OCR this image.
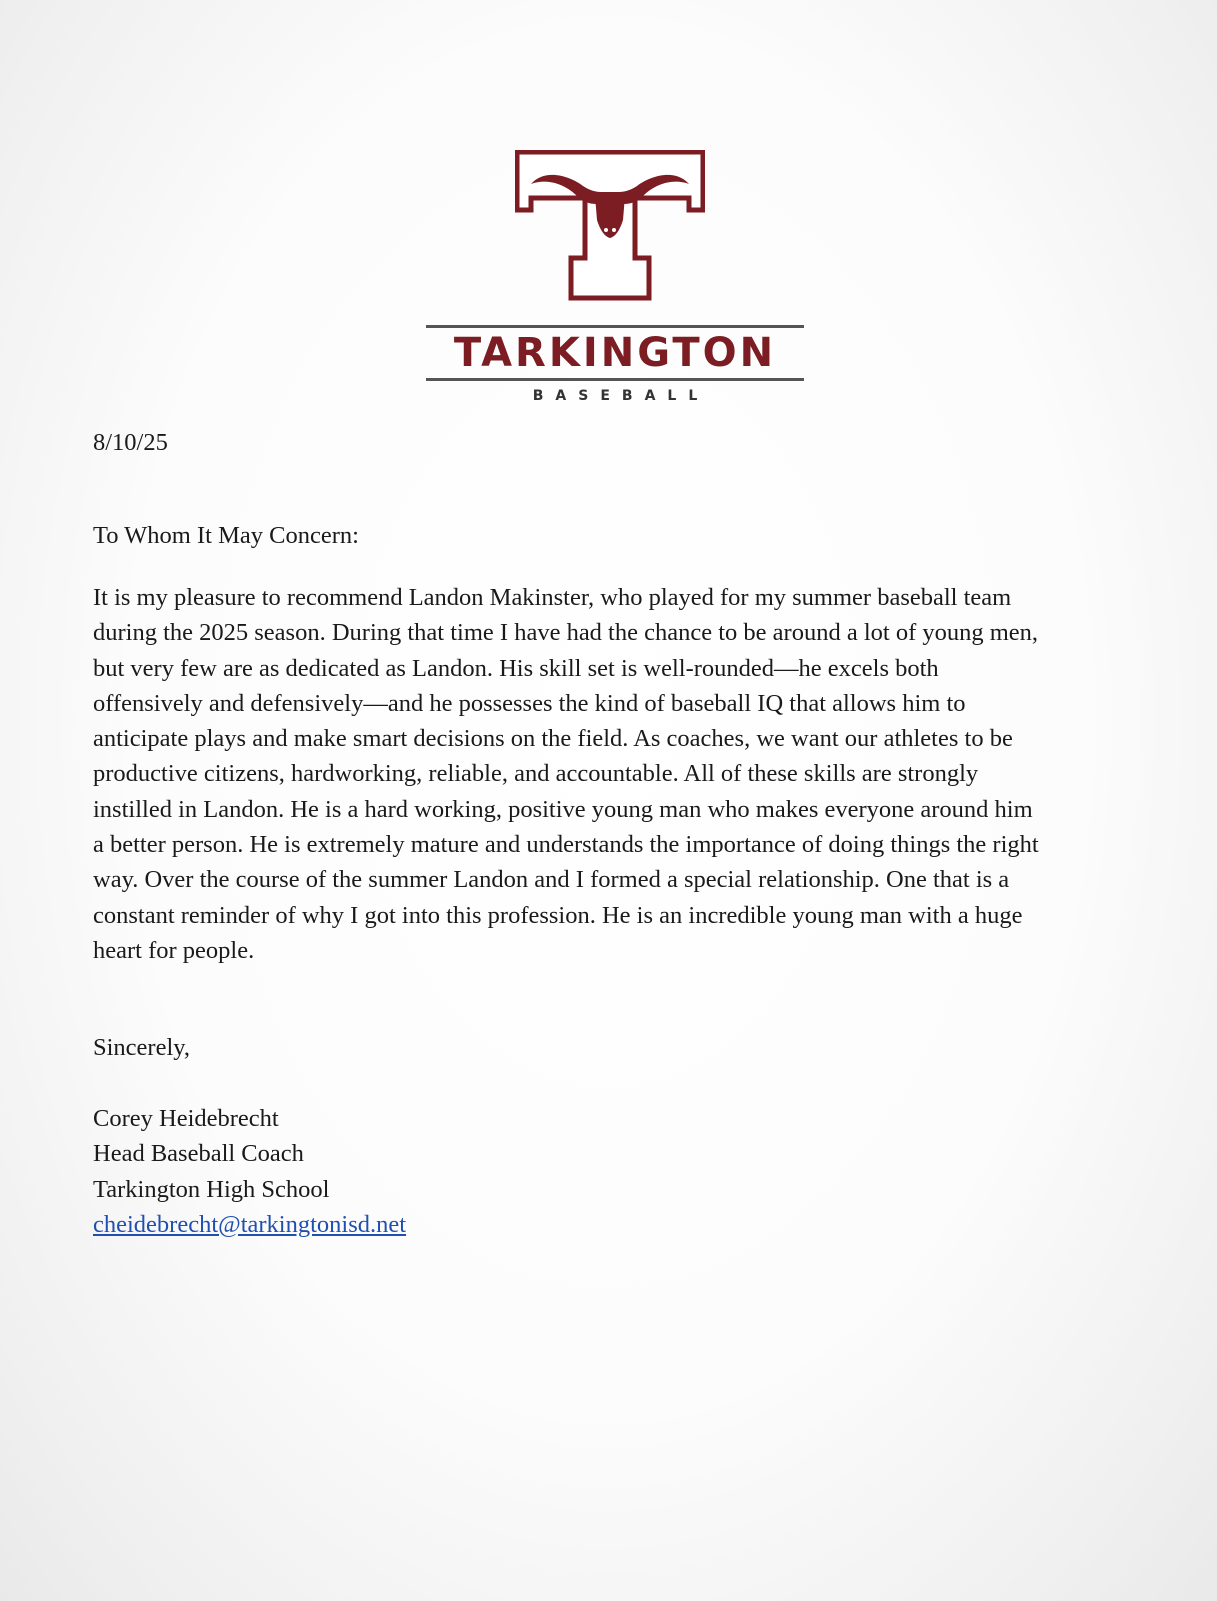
TARKINGTON
BASEBALL

8/10/25

To Whom It May Concern:

It is my pleasure to recommend Landon Makinster, who played for my summer baseball team
during the 2025 season. During that time I have had the chance to be around a lot of young men,
but very few are as dedicated as Landon. His skill set is well-rounded—he excels both
offensively and defensively—and he possesses the kind of baseball IQ that allows him to
anticipate plays and make smart decisions on the field. As coaches, we want our athletes to be
productive citizens, hardworking, reliable, and accountable. All of these skills are strongly
instilled in Landon. He is a hard working, positive young man who makes everyone around him
a better person. He is extremely mature and understands the importance of doing things the right
way. Over the course of the summer Landon and I formed a special relationship. One that is a
constant reminder of why I got into this profession. He is an incredible young man with a huge
heart for people.

Sincerely,

Corey Heidebrecht
Head Baseball Coach
Tarkington High School
cheidebrecht@tarkingtonisd.net
